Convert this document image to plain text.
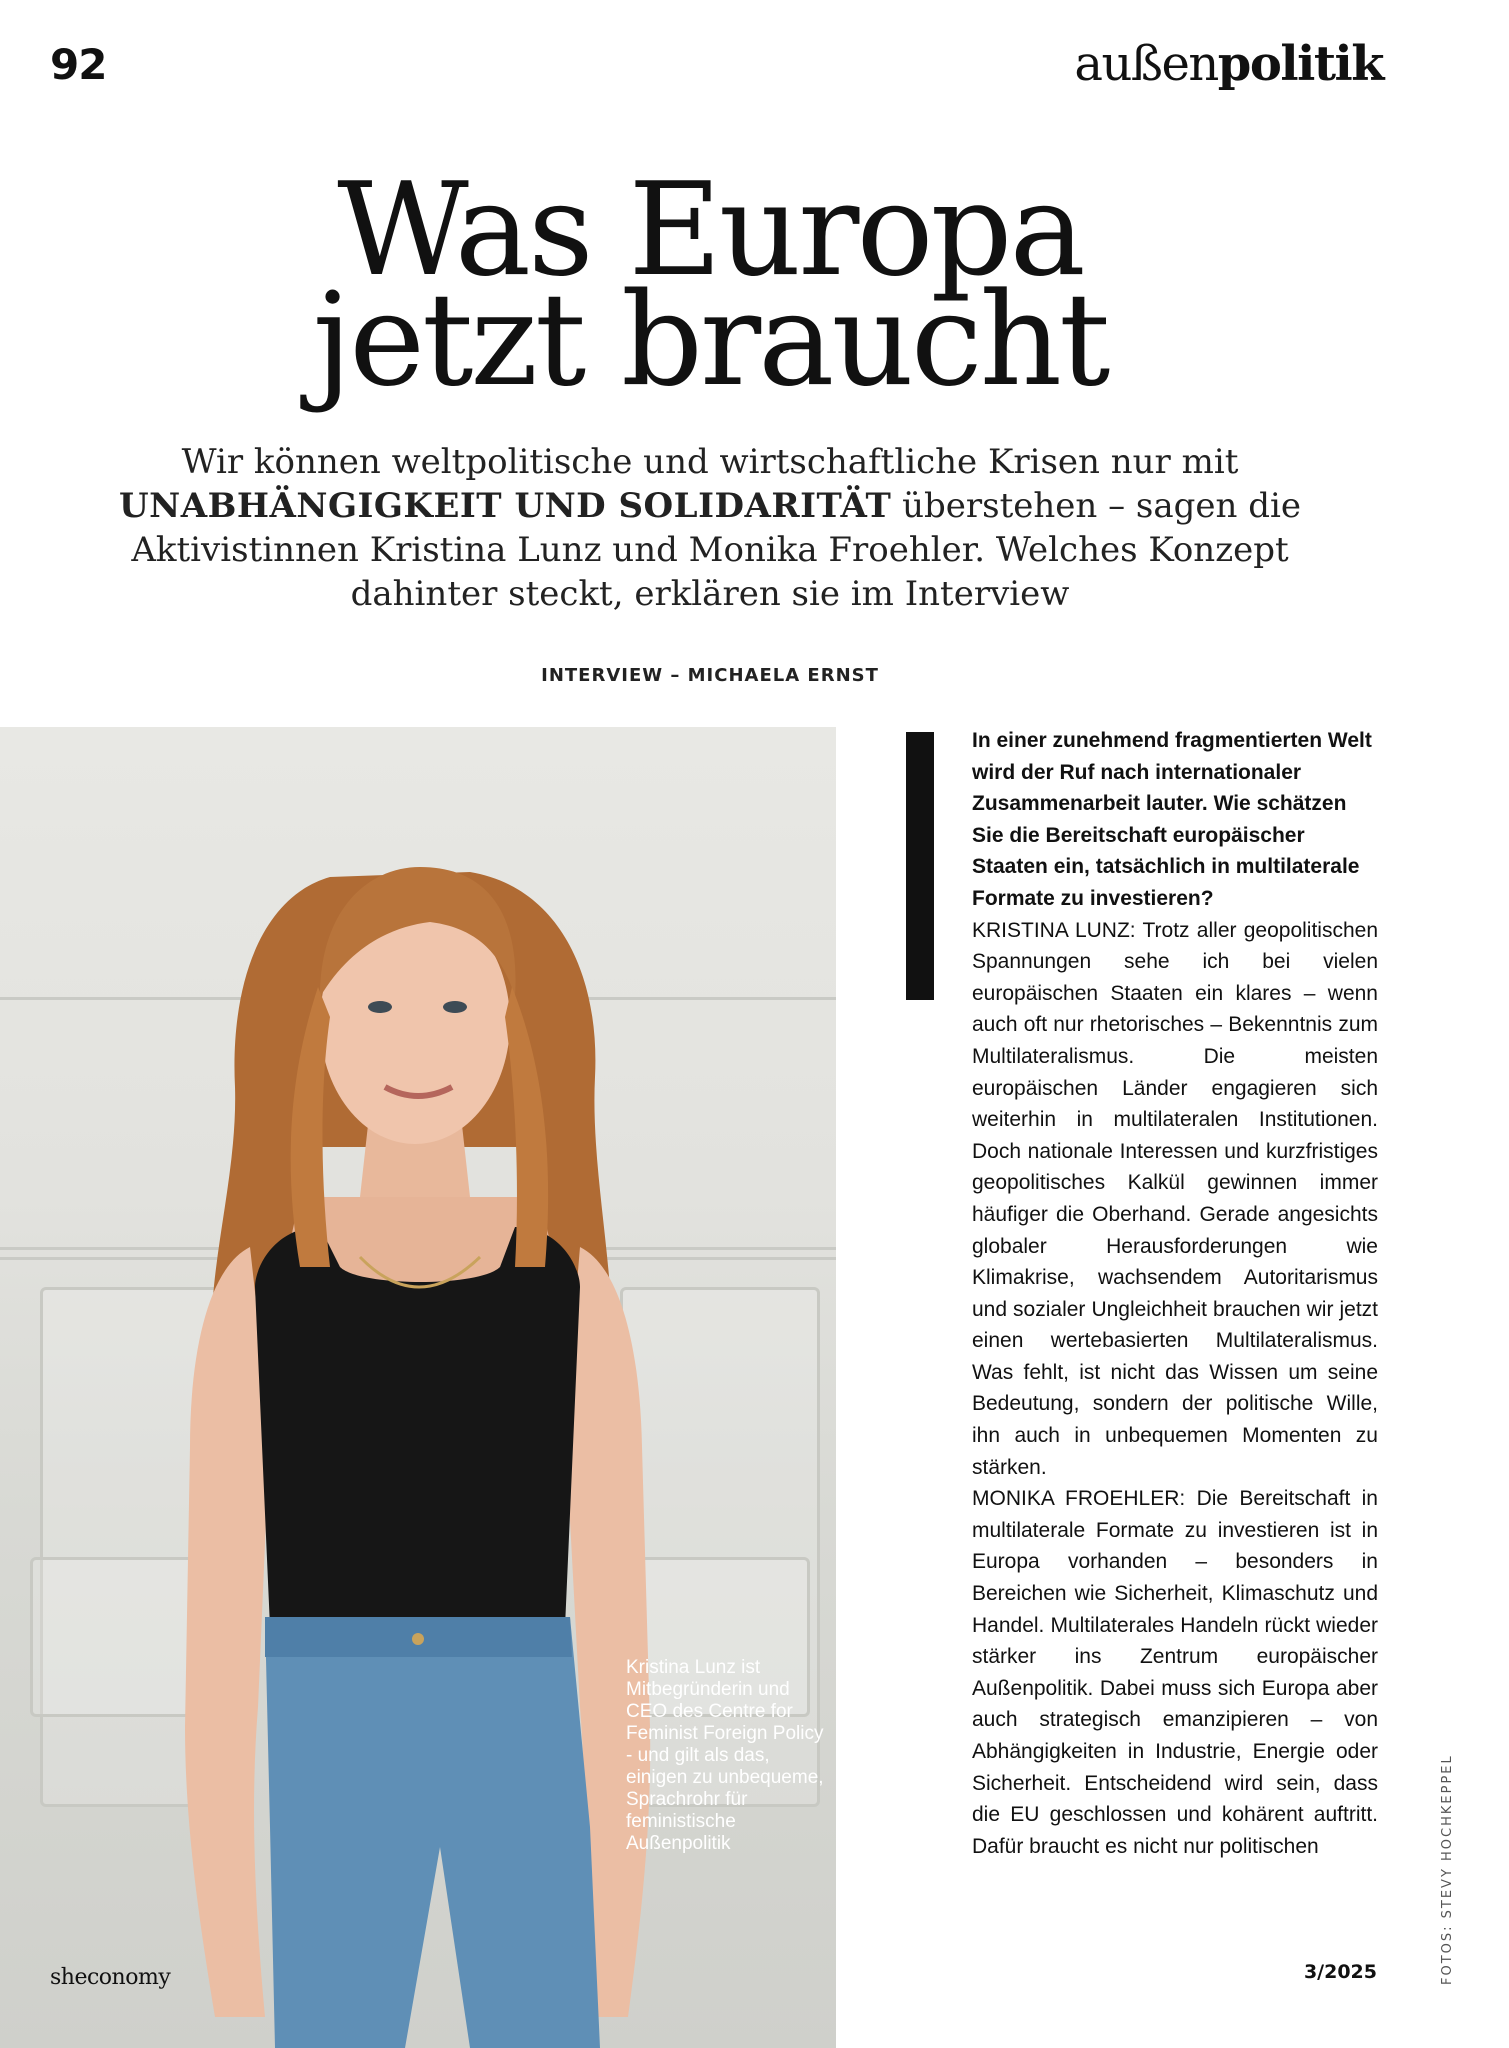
92	außenpolitik
Was Europa
jetzt braucht

Wir können weltpolitische und wirtschaftliche Krisen nur mit UNABHÄNGIGKEIT UND SOLIDARITÄT überstehen – sagen die Aktivistinnen Kristina Lunz und Monika Froehler. Welches Konzept dahinter steckt, erklären sie im Interview

INTERVIEW – MICHAELA ERNST
Kristina Lunz ist Mitbegründerin und CEO des Centre for Feminist Foreign Policy - und gilt als das, einigen zu unbequeme, Sprachrohr für feministische Außenpolitik
sheconomy

In einer zunehmend fragmentierten Welt wird der Ruf nach internationaler Zusammenarbeit lauter. Wie schätzen Sie die Bereitschaft europäischer Staaten ein, tatsächlich in multilaterale Formate zu investieren?

KRISTINA LUNZ: Trotz aller geopolitischen Spannungen sehe ich bei vielen europäischen Staaten ein klares – wenn auch oft nur rhetorisches – Bekenntnis zum Multilateralismus. Die meisten europäischen Länder engagieren sich weiterhin in multilateralen Institutionen. Doch nationale Interessen und kurzfristiges geopolitisches Kalkül gewinnen immer häufiger die Oberhand. Gerade angesichts globaler Herausforderungen wie Klimakrise, wachsendem Autoritarismus und sozialer Ungleichheit brauchen wir jetzt einen wertebasierten Multilateralismus. Was fehlt, ist nicht das Wissen um seine Bedeutung, sondern der politische Wille, ihn auch in unbequemen Momenten zu stärken.

MONIKA FROEHLER: Die Bereitschaft in multilaterale Formate zu investieren ist in Europa vorhanden – besonders in Bereichen wie Sicherheit, Klimaschutz und Handel. Multilaterales Handeln rückt wieder stärker ins Zentrum europäischer Außenpolitik. Dabei muss sich Europa aber auch strategisch emanzipieren – von Abhängigkeiten in Industrie, Energie oder Sicherheit. Entscheidend wird sein, dass die EU geschlossen und kohärent auftritt. Dafür braucht es nicht nur politischen

3/2025	FOTOS: STEVY HOCHKEPPEL
